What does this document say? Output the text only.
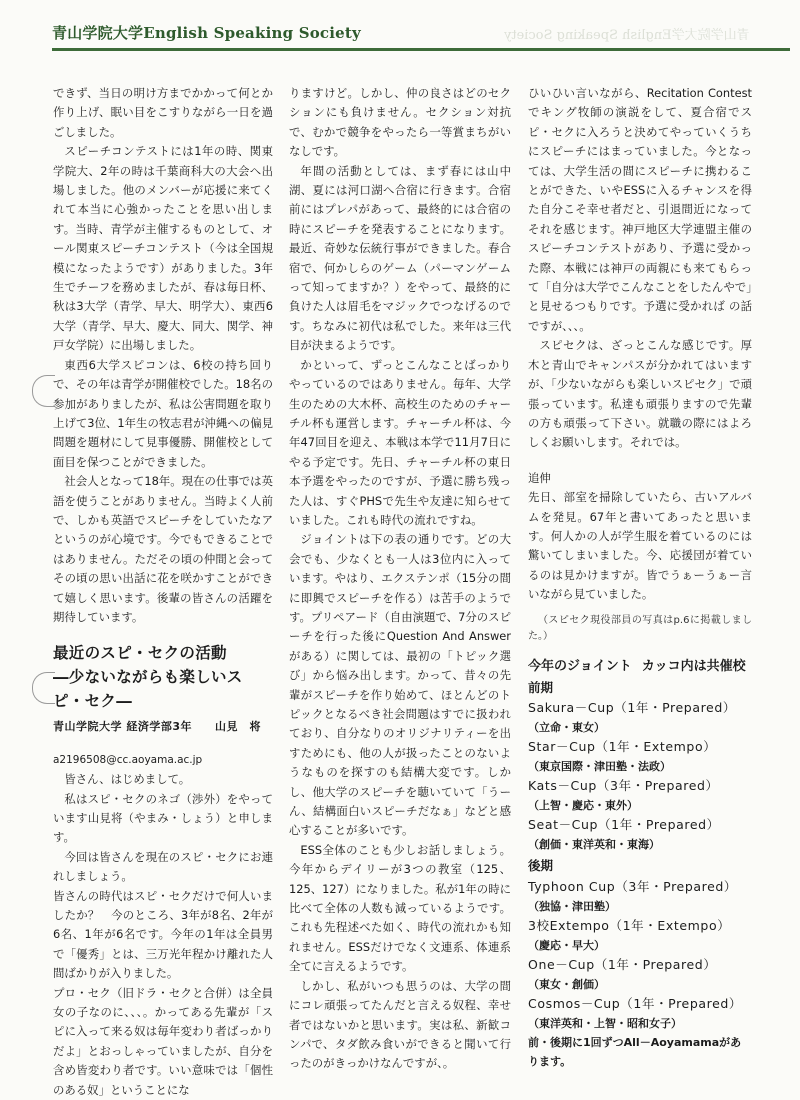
青山学院大学English Speaking Society	青山学院大学English Speaking Society

できず、当日の明け方までかかって何とか作り上げ、眠い目をこすりながら一日を過ごしました。

スピーチコンテストには1年の時、関東学院大、2年の時は千葉商科大の大会へ出場しました。他のメンバーが応援に来てくれて本当に心強かったことを思い出します。当時、青学が主催するものとして、オール関東スピーチコンテスト（今は全国規模になったようです）がありました。3年生でチーフを務めましたが、春は毎日杯、秋は3大学（青学、早大、明学大）、東西6大学（青学、早大、慶大、同大、関学、神戸女学院）に出場しました。

東西6大学スピコンは、6校の持ち回りで、その年は青学が開催校でした。18名の参加がありましたが、私は公害問題を取り上げて3位、1年生の牧志君が沖縄への偏見問題を題材にして見事優勝、開催校として面目を保つことができました。

社会人となって18年。現在の仕事では英語を使うことがありません。当時よく人前で、しかも英語でスピーチをしていたなアというのが心境です。今でもできることではありません。ただその頃の仲間と会ってその頃の思い出話に花を咲かすことができて嬉しく思います。後輩の皆さんの活躍を期待しています。

最近のスピ・セクの活動
―少ないながらも楽しいスピ・セク―
青山学院大学 経済学部3年　　山見　将

a2196508@cc.aoyama.ac.jp

皆さん、はじめまして。

私はスピ・セクのネゴ（渉外）をやっています山見将（やまみ・しょう）と申します。

今回は皆さんを現在のスピ・セクにお連れしましょう。

皆さんの時代はスピ・セクだけで何人いましたか？　今のところ、3年が8名、2年が6名、1年が6名です。今年の1年は全員男で「優秀」とは、三万光年程かけ離れた人間ばかりが入りました。

プロ・セク（旧ドラ・セクと合併）は全員女の子なのに、、、。かってある先輩が「スピに入って来る奴は毎年変わり者ばっかりだよ」とおっしゃっていましたが、自分を含め皆変わり者です。いい意味では「個性のある奴」ということにな

りますけど。しかし、仲の良さはどのセクションにも負けません。セクション対抗で、むかで競争をやったら一等賞まちがいなしです。

年間の活動としては、まず春には山中湖、夏には河口湖へ合宿に行きます。合宿前にはプレパがあって、最終的には合宿の時にスピーチを発表することになります。最近、奇妙な伝統行事ができました。春合宿で、何かしらのゲーム（パーマンゲームって知ってますか？）をやって、最終的に負けた人は眉毛をマジックでつなげるのです。ちなみに初代は私でした。来年は三代目が決まるようです。

かといって、ずっとこんなことばっかりやっているのではありません。毎年、大学生のための大木杯、高校生のためのチャーチル杯も運営します。チャーチル杯は、今年47回目を迎え、本戦は本学で11月7日にやる予定です。先日、チャーチル杯の東日本予選をやったのですが、予選に勝ち残った人は、すぐPHSで先生や友達に知らせていました。これも時代の流れですね。

ジョイントは下の表の通りです。どの大会でも、少なくとも一人は3位内に入っています。やはり、エクステンポ（15分の間に即興でスピーチを作る）は苦手のようです。プリペアード（自由演題で、7分のスピーチを行った後にQuestion And Answer がある）に関しては、最初の「トピック選び」から悩み出します。かって、昔々の先輩がスピーチを作り始めて、ほとんどのトピックとなるべき社会問題はすでに扱われており、自分なりのオリジナリティーを出すためにも、他の人が扱ったことのないようなものを探すのも結構大変です。しかし、他大学のスピーチを聴いていて「うーん、結構面白いスピーチだなぁ」などと感心することが多いです。

ESS全体のことも少しお話しましょう。今年からデイリーが3つの教室（125、125、127）になりました。私が1年の時に比べて全体の人数も減っているようです。これも先程述べた如く、時代の流れかも知れません。ESSだけでなく文連系、体連系全てに言えるようです。

しかし、私がいつも思うのは、大学の間にコレ頑張ってたんだと言える奴程、幸せ者ではないかと思います。実は私、新歓コンパで、タダ飲み食いができると聞いて行ったのがきっかけなんですが、。

ひいひい言いながら、Recitation Contestでキング牧師の演説をして、夏合宿でスピ・セクに入ろうと決めてやっていくうちにスピーチにはまっていました。今となっては、大学生活の間にスピーチに携わることができた、いやESSに入るチャンスを得た自分こそ幸せ者だと、引退間近になってそれを感じます。神戸地区大学連盟主催のスピーチコンテストがあり、予選に受かった際、本戦には神戸の両親にも来てもらって「自分は大学でこんなことをしたんやで」と見せるつもりです。予選に受かれば の話ですが、、、。

スピセクは、ざっとこんな感じです。厚木と青山でキャンパスが分かれてはいますが、「少ないながらも楽しいスピセク」で頑張っています。私達も頑張りますので先輩の方も頑張って下さい。就職の際にはよろしくお願いします。それでは。

追伸

先日、部室を掃除していたら、古いアルバムを発見。67年と書いてあったと思います。何人かの人が学生服を着ているのには驚いてしまいました。今、応援団が着ているのは見かけますが。皆でうぁーうぁー言いながら見ていました。

（スピセク現役部員の写真はp.6に掲載しました。）

今年のジョイント カッコ内は共催校
前期
Sakura－Cup（1年・Prepared）
（立命・東女）
Star－Cup（1年・Extempo）
（東京国際・津田塾・法政）
Kats－Cup（3年・Prepared）
（上智・慶応・東外）
Seat－Cup（1年・Prepared）
（創価・東洋英和・東海）
後期
Typhoon Cup（3年・Prepared）
（独協・津田塾）
3校Extempo（1年・Extempo）
（慶応・早大）
One－Cup（1年・Prepared）
（東女・創価）
Cosmos－Cup（1年・Prepared）
（東洋英和・上智・昭和女子）
前・後期に1回ずつAll－Aoyamamaがあります。
